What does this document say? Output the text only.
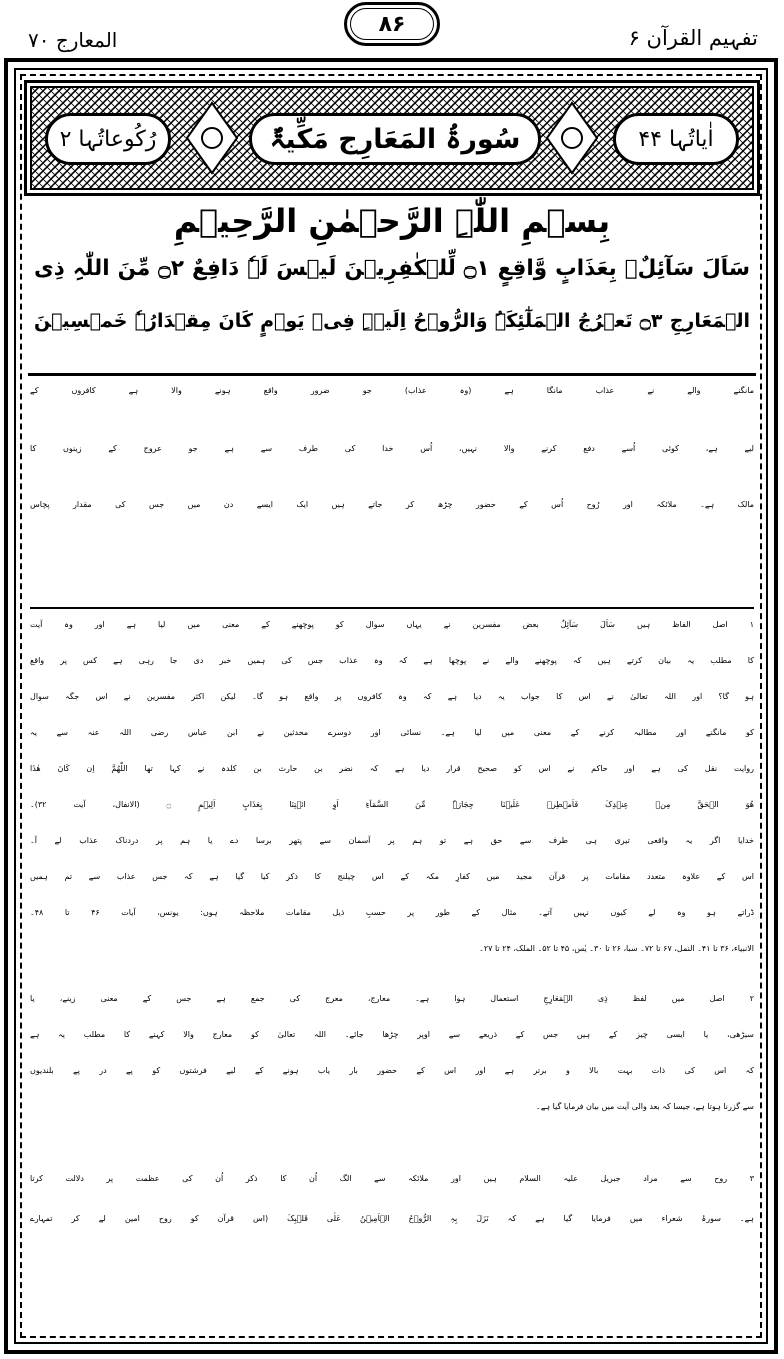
المعارج ۷۰
۸۶
تفہیم القرآن ۶
اٰیاتُہا ۴۴
سُورۃُ المَعَارِج مَکِّیۃٌ
رُکُوعاتُہا ۲
بِسۡمِ اللّٰہِ الرَّحۡمٰنِ الرَّحِیۡمِ
سَاَلَ سَآئِلٌۢ بِعَذَابٍ وَّاقِعٍ ۝١ لِّلۡکٰفِرِیۡنَ لَیۡسَ لَہٗ دَافِعٌ ۝٢ مِّنَ اللّٰہِ ذِی
الۡمَعَارِجِ ۝٣ تَعۡرُجُ الۡمَلٰٓئِکَۃُ وَالرُّوۡحُ اِلَیۡہِ فِیۡ یَوۡمٍ کَانَ مِقۡدَارُہٗ خَمۡسِیۡنَ
مانگنے والے نے عذاب مانگا ہے (وہ عذاب) جو ضرور واقع ہونے والا ہے کافروں کے
لیے ہے، کوئی اُسے دفع کرنے والا نہیں، اُس خدا کی طرف سے ہے جو عروج کے زینوں کا
مالک ہے۔ ملائکہ اور رُوح اُس کے حضور چڑھ کر جاتے ہیں ایک ایسے دن میں جس کی مقدار پچاس
۱ اصل الفاظ ہیں سَاَلَ سَآئِلٌ بعض مفسرین نے یہاں سوال کو پوچھنے کے معنی میں لیا ہے اور وہ آیت
کا مطلب یہ بیان کرتے ہیں کہ پوچھنے والے نے پوچھا ہے کہ وہ عذاب جس کی ہمیں خبر دی جا رہی ہے کس پر واقع
ہو گا؟ اور اللہ تعالیٰ نے اس کا جواب یہ دیا ہے کہ وہ کافروں پر واقع ہو گا۔ لیکن اکثر مفسرین نے اس جگہ سوال
کو مانگنے اور مطالبہ کرنے کے معنی میں لیا ہے۔ نسائی اور دوسرے محدثین نے ابن عباس رضی اللہ عنہ سے یہ
روایت نقل کی ہے اور حاکم نے اس کو صحیح قرار دیا ہے کہ نضر بن حارث بن کلدہ نے کہا تھا اللّٰھُمَّ اِن کَانَ ھٰذَا
ھُوَ الۡحَقَّ مِنۡ عِنۡدِکَ فَاَمۡطِرۡ عَلَیۡنَا حِجَارَۃً مِّنَ السَّمَآءِ اَوِ ائۡتِنَا بِعَذَابٍ اَلِیۡمٍ ۝ (الانفال، آیت ۳۲)۔
خدایا اگر یہ واقعی تیری ہی طرف سے حق ہے تو ہم پر آسمان سے پتھر برسا دے یا ہم پر دردناک عذاب لے آ۔
اس کے علاوہ متعدد مقامات پر قرآن مجید میں کفارِ مکہ کے اس چیلنج کا ذکر کیا گیا ہے کہ جس عذاب سے تم ہمیں
ڈراتے ہو وہ لے کیوں نہیں آتے۔ مثال کے طور پر حسبِ ذیل مقامات ملاحظہ ہوں: یونس، آیات ۴۶ تا ۴۸۔
الانبیاء، ۳۶ تا ۴۱۔ النمل، ۶۷ تا ۷۲۔ سبا، ۲۶ تا ۳۰۔ یٰس، ۴۵ تا ۵۲۔ الملک، ۲۴ تا ۲۷۔
۲ اصل میں لفظ ذِی الۡمَعَارِجِ استعمال ہوا ہے۔ معارج، معرج کی جمع ہے جس کے معنی زینے، یا
سیڑھی، یا ایسی چیز کے ہیں جس کے ذریعے سے اوپر چڑھا جائے۔ اللہ تعالیٰ کو معارج والا کہنے کا مطلب یہ ہے
کہ اس کی ذات بہت بالا و برتر ہے اور اس کے حضور بار یاب ہونے کے لیے فرشتوں کو پے در پے بلندیوں
سے گزرنا ہوتا ہے، جیسا کہ بعد والی آیت میں بیان فرمایا گیا ہے۔
۳ روح سے مراد جبریل علیہ السلام ہیں اور ملائکہ سے الگ اُن کا ذکر اُن کی عظمت پر دلالت کرتا
ہے۔ سورۂ شعراء میں فرمایا گیا ہے کہ نَزَلَ بِہِ الرُّوۡحُ الۡاَمِیۡنُ عَلٰی قَلۡبِکَ (اس قرآن کو روح امین لے کر تمہارے
